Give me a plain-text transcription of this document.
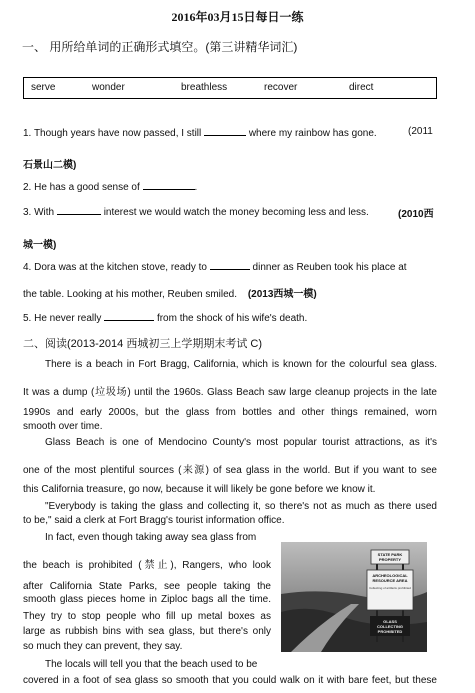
2016年03月15日每日一练
一、 用所给单词的正确形式填空。(第三讲精华词汇)
serve	wonder	breathless	recover	direct
1. Though years have now passed, I still	where my rainbow has gone.	(2011
石景山二模)
2. He has a good sense of	.
3. With	interest we would watch the money becoming less and less.	(2010西
城一模)
4. Dora was at the kitchen stove, ready to	dinner as Reuben took his place at
the table. Looking at his mother, Reuben smiled. (2013西城一模)
5. He never really	from the shock of his wife's death.
二、阅读(2013-2014 西城初三上学期期末考试 C)
There is a beach in Fort Bragg, California, which is known for the colourful sea glass.
It was a dump (垃圾场) until the 1960s. Glass Beach saw large cleanup projects in the late
1990s and early 2000s, but the glass from bottles and other things remained, worn
smooth over time.
Glass Beach is one of Mendocino County's most popular tourist attractions, as it's
one of the most plentiful sources (来源) of sea glass in the world. But if you want to see
this California treasure, go now, because it will likely be gone before we know it.
"Everybody is taking the glass and collecting it, so there's not as much as there used
to be," said a clerk at Fort Bragg's tourist information office.
In fact, even though taking away sea glass from
the beach is prohibited (禁止), Rangers, who look
after California State Parks, see people taking the
smooth glass pieces home in Ziploc bags all the time.
They try to stop people who fill up metal boxes as
large as rubbish bins with sea glass, but there's only
so much they can prevent, they say.
The locals will tell you that the beach used to be
covered in a foot of sea glass so smooth that you could walk on it with bare feet, but these
STATE PARK PROPERTY
ARCHEOLOGICAL RESOURCE AREA
Collecting of artifacts prohibited
GLASS COLLECTING PROHIBITED
